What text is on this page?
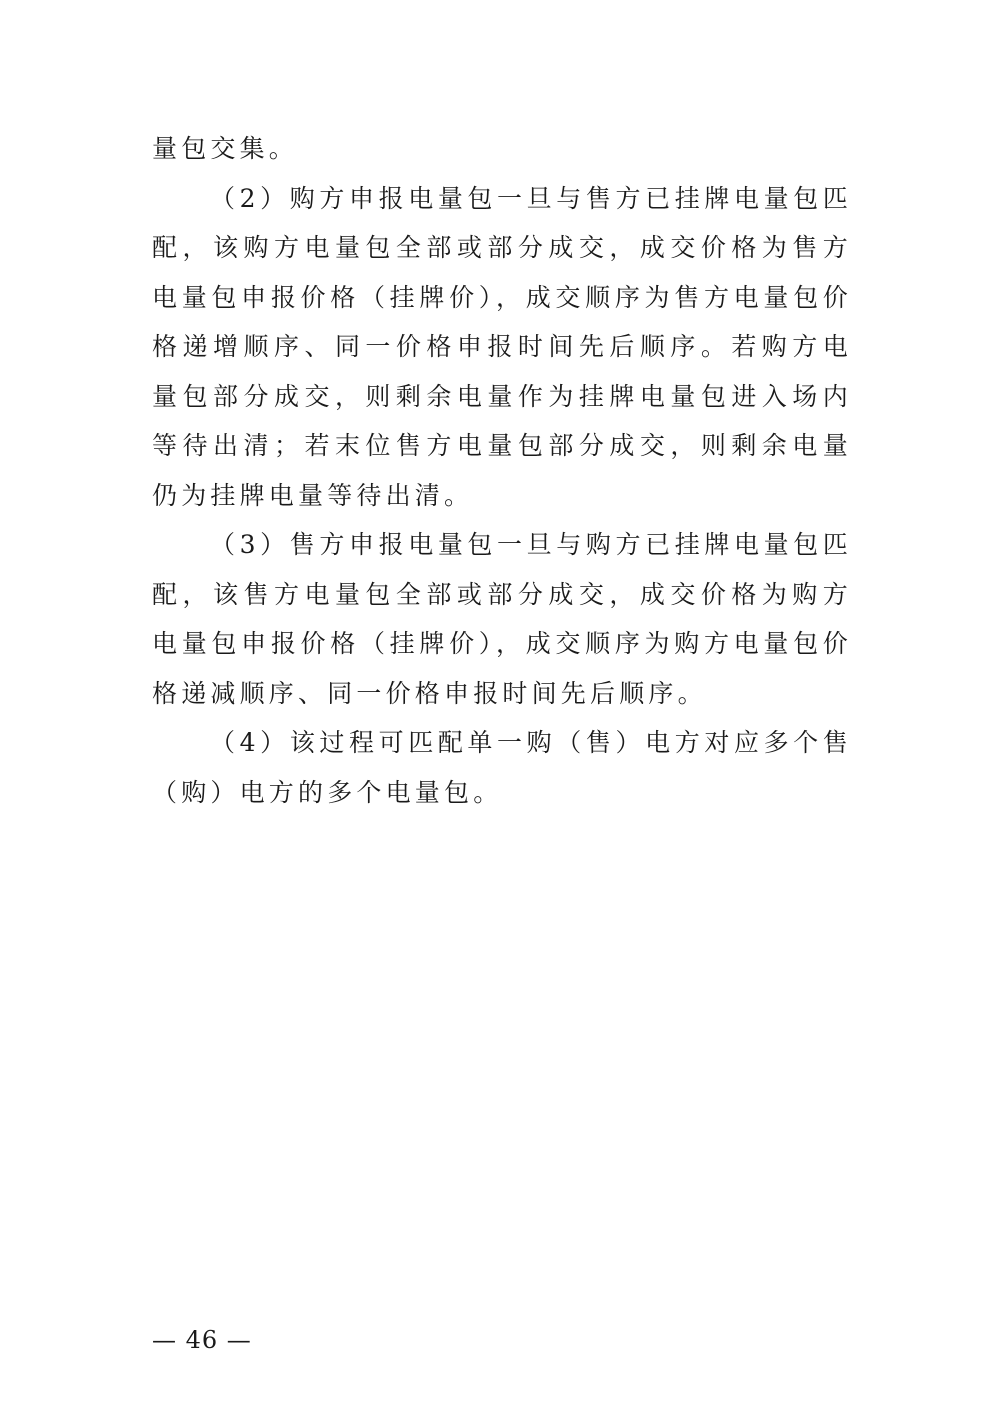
量包交集。

（2）购方申报电量包一旦与售方已挂牌电量包匹配，该购方电量包全部或部分成交，成交价格为售方电量包申报价格（挂牌价），成交顺序为售方电量包价格递增顺序、同一价格申报时间先后顺序。若购方电量包部分成交，则剩余电量作为挂牌电量包进入场内等待出清；若末位售方电量包部分成交，则剩余电量仍为挂牌电量等待出清。

（3）售方申报电量包一旦与购方已挂牌电量包匹配，该售方电量包全部或部分成交，成交价格为购方电量包申报价格（挂牌价），成交顺序为购方电量包价格递减顺序、同一价格申报时间先后顺序。

（4）该过程可匹配单一购（售）电方对应多个售（购）电方的多个电量包。

— 46 —
